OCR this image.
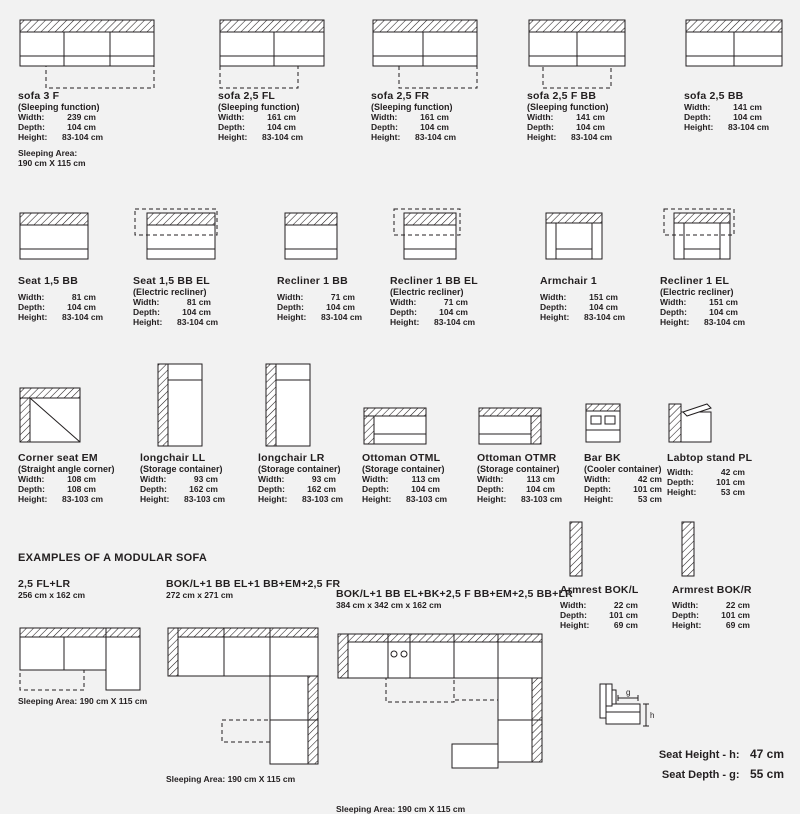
sofa 3 F
(Sleeping function)
Width:	239 cm
Depth:	104 cm
Height: 83-104 cm
Sleeping Area:
190 cm X 115 cm
sofa 2,5 FL
(Sleeping function)
Width:	161 cm
Depth:	104 cm
Height: 83-104 cm
sofa 2,5 FR
(Sleeping function)
Width:	161 cm
Depth:	104 cm
Height: 83-104 cm
sofa 2,5 F BB
(Sleeping function)
Width:	141 cm
Depth:	104 cm
Height: 83-104 cm
sofa 2,5 BB
Width:	141 cm
Depth:	104 cm
Height: 83-104 cm
Seat 1,5 BB
Width:	81 cm
Depth:	104 cm
Height: 83-104 cm
Seat 1,5 BB EL
(Electric recliner)
Width:	81 cm
Depth:	104 cm
Height: 83-104 cm
Recliner 1 BB
Width:	71 cm
Depth:	104 cm
Height: 83-104 cm
Recliner 1 BB EL
(Electric recliner)
Width:	71 cm
Depth:	104 cm
Height: 83-104 cm
Armchair 1
Width:	151 cm
Depth:	104 cm
Height: 83-104 cm
Recliner 1 EL
(Electric recliner)
Width:	151 cm
Depth:	104 cm
Height: 83-104 cm
Corner seat EM
(Straight angle corner)
Width:	108 cm
Depth:	108 cm
Height: 83-103 cm
longchair LL
(Storage container)
Width:	93 cm
Depth:	162 cm
Height: 83-103 cm
longchair LR
(Storage container)
Width:	93 cm
Depth:	162 cm
Height: 83-103 cm
Ottoman OTML
(Storage container)
Width:	113 cm
Depth:	104 cm
Height: 83-103 cm
Ottoman OTMR
(Storage container)
Width:	113 cm
Depth:	104 cm
Height: 83-103 cm
Bar BK
(Cooler container)
Width:	42 cm
Depth:	101 cm
Height:	53 cm
Labtop stand PL
Width:	42 cm
Depth:	101 cm
Height:	53 cm
Armrest BOK/L
Width:	22 cm
Depth:	101 cm
Height:	69 cm
Armrest BOK/R
Width:	22 cm
Depth:	101 cm
Height:	69 cm
EXAMPLES OF A MODULAR SOFA
2,5 FL+LR
256 cm x 162 cm
Sleeping Area: 190 cm X 115 cm
BOK/L+1 BB EL+1 BB+EM+2,5 FR
272 cm x 271 cm
Sleeping Area: 190 cm X 115 cm
BOK/L+1 BB EL+BK+2,5 F BB+EM+2,5 BB+LR
384 cm x 342 cm x 162 cm
Sleeping Area: 190 cm X 115 cm
g
h
Seat Height - h: 47 cm
Seat Depth - g: 55 cm
